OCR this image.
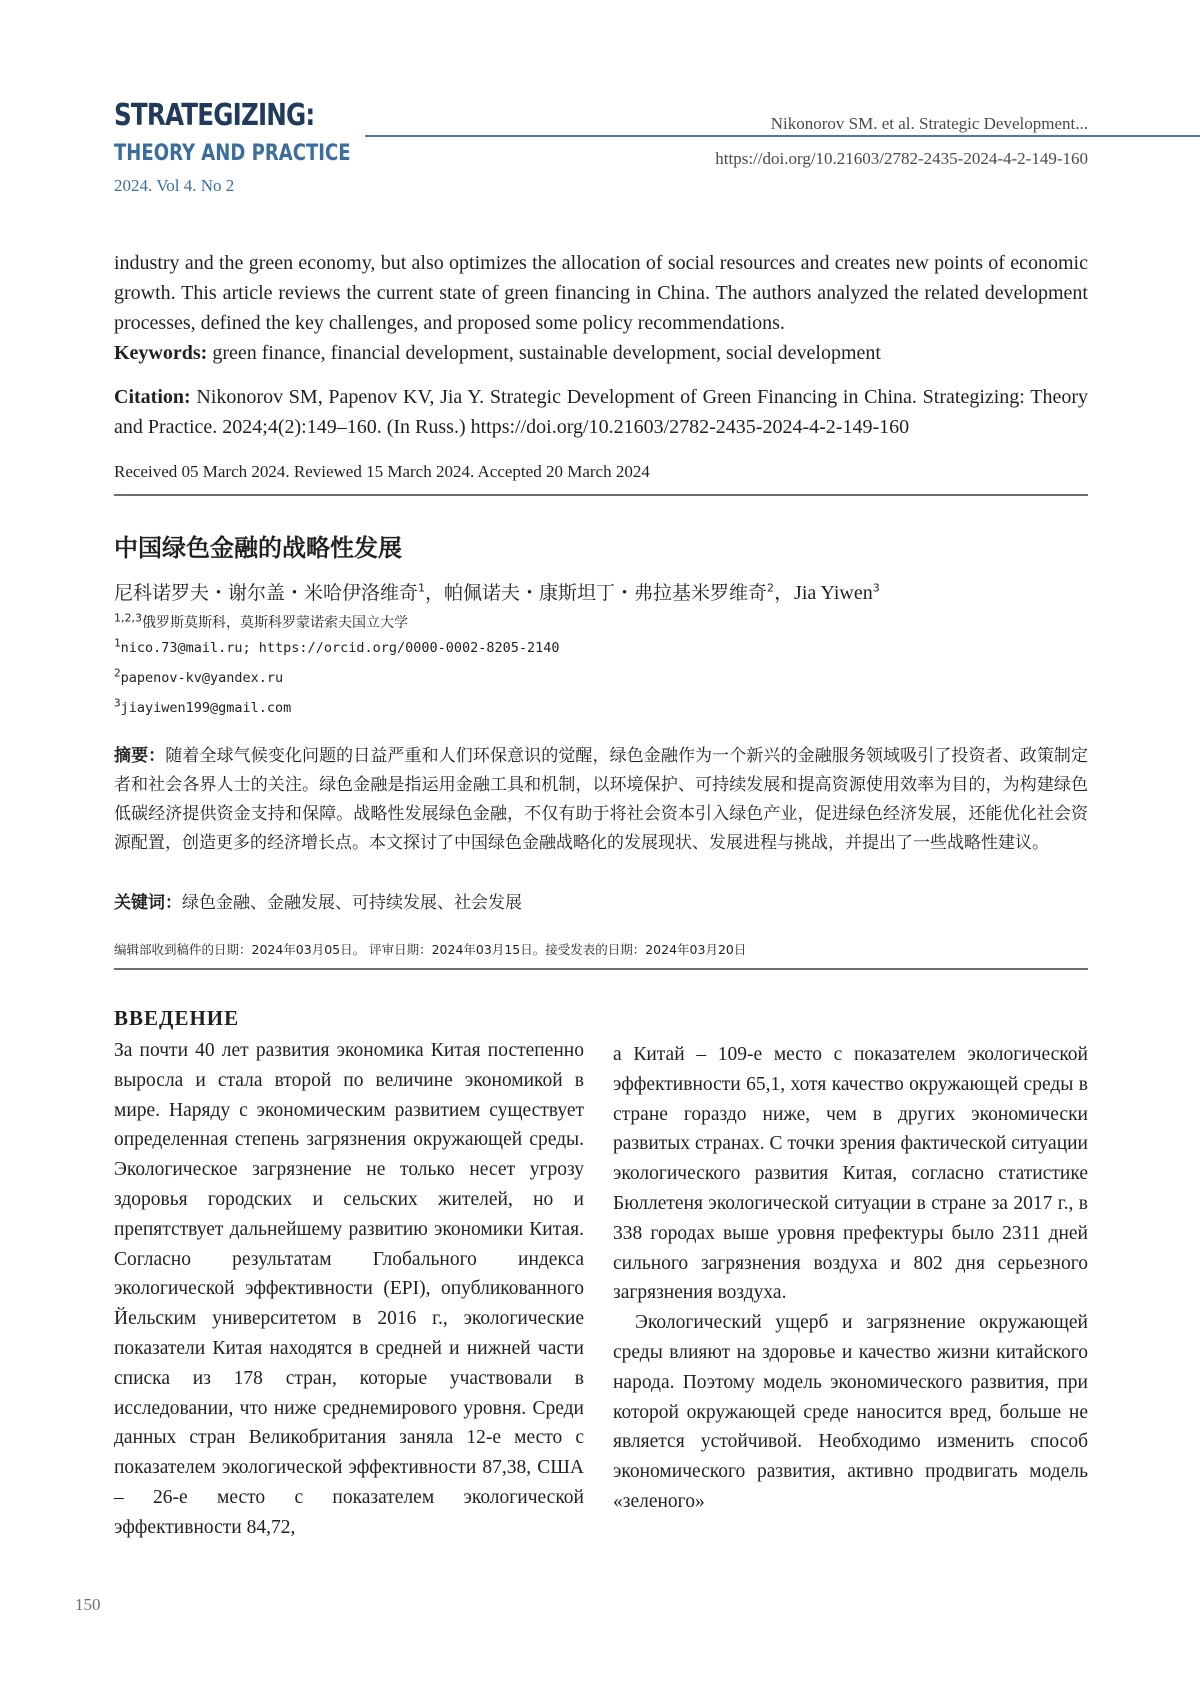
STRATEGIZING:
THEORY AND PRACTICE
2024. Vol 4. No 2
Nikonorov SM. et al. Strategic Development...
https://doi.org/10.21603/2782-2435-2024-4-2-149-160
industry and the green economy, but also optimizes the allocation of social resources and creates new points of economic growth. This article reviews the current state of green financing in China. The authors analyzed the related development processes, defined the key challenges, and proposed some policy recommendations.
Keywords: green finance, financial development, sustainable development, social development
Citation: Nikonorov SM, Papenov KV, Jia Y. Strategic Development of Green Financing in China. Strategizing: Theory and Practice. 2024;4(2):149–160. (In Russ.) https://doi.org/10.21603/2782-2435-2024-4-2-149-160
Received 05 March 2024. Reviewed 15 March 2024. Accepted 20 March 2024
中国绿色金融的战略性发展
尼科诺罗夫・谢尔盖・米哈伊洛维奇$^1$，帕佩诺夫・康斯坦丁・弗拉基米罗维奇$^2$，Jia Yiwen$^3$
$^{1,2,3}$俄罗斯莫斯科，莫斯科罗蒙诺索夫国立大学
$^1$nico.73@mail.ru; https://orcid.org/0000-0002-8205-2140
$^2$papenov-kv@yandex.ru
$^3$jiayiwen199@gmail.com
摘要：随着全球气候变化问题的日益严重和人们环保意识的觉醒，绿色金融作为一个新兴的金融服务领域吸引了投资者、政策制定者和社会各界人士的关注。绿色金融是指运用金融工具和机制，以环境保护、可持续发展和提高资源使用效率为目的，为构建绿色低碳经济提供资金支持和保障。战略性发展绿色金融，不仅有助于将社会资本引入绿色产业，促进绿色经济发展，还能优化社会资源配置，创造更多的经济增长点。本文探讨了中国绿色金融战略化的发展现状、发展进程与挑战，并提出了一些战略性建议。
关键词：绿色金融、金融发展、可持续发展、社会发展
编辑部收到稿件的日期：2024年03月05日。 评审日期：2024年03月15日。接受发表的日期：2024年03月20日
ВВЕДЕНИЕ

За почти 40 лет развития экономика Китая постепенно выросла и стала второй по величине экономикой в мире. Наряду с экономическим развитием существует определенная степень загрязнения окружающей среды. Экологическое загрязнение не только несет угрозу здоровья городских и сельских жителей, но и препятствует дальнейшему развитию экономики Китая. Согласно результатам Глобального индекса экологической эффективности (EPI), опубликованного Йельским университетом в 2016 г., экологические показатели Китая находятся в средней и нижней части списка из 178 стран, которые участвовали в исследовании, что ниже среднемирового уровня. Среди данных стран Великобритания заняла 12-е место с показателем экологической эффективности 87,38, США – 26-е место с показателем экологической эффективности 84,72,

а Китай – 109-е место с показателем экологической эффективности 65,1, хотя качество окружающей среды в стране гораздо ниже, чем в других экономически развитых странах. С точки зрения фактической ситуации экологического развития Китая, согласно статистике Бюллетеня экологической ситуации в стране за 2017 г., в 338 городах выше уровня префектуры было 2311 дней сильного загрязнения воздуха и 802 дня серьезного загрязнения воздуха.

Экологический ущерб и загрязнение окружающей среды влияют на здоровье и качество жизни китайского народа. Поэтому модель экономического развития, при которой окружающей среде наносится вред, больше не является устойчивой. Необходимо изменить способ экономического развития, активно продвигать модель «зеленого»

150
